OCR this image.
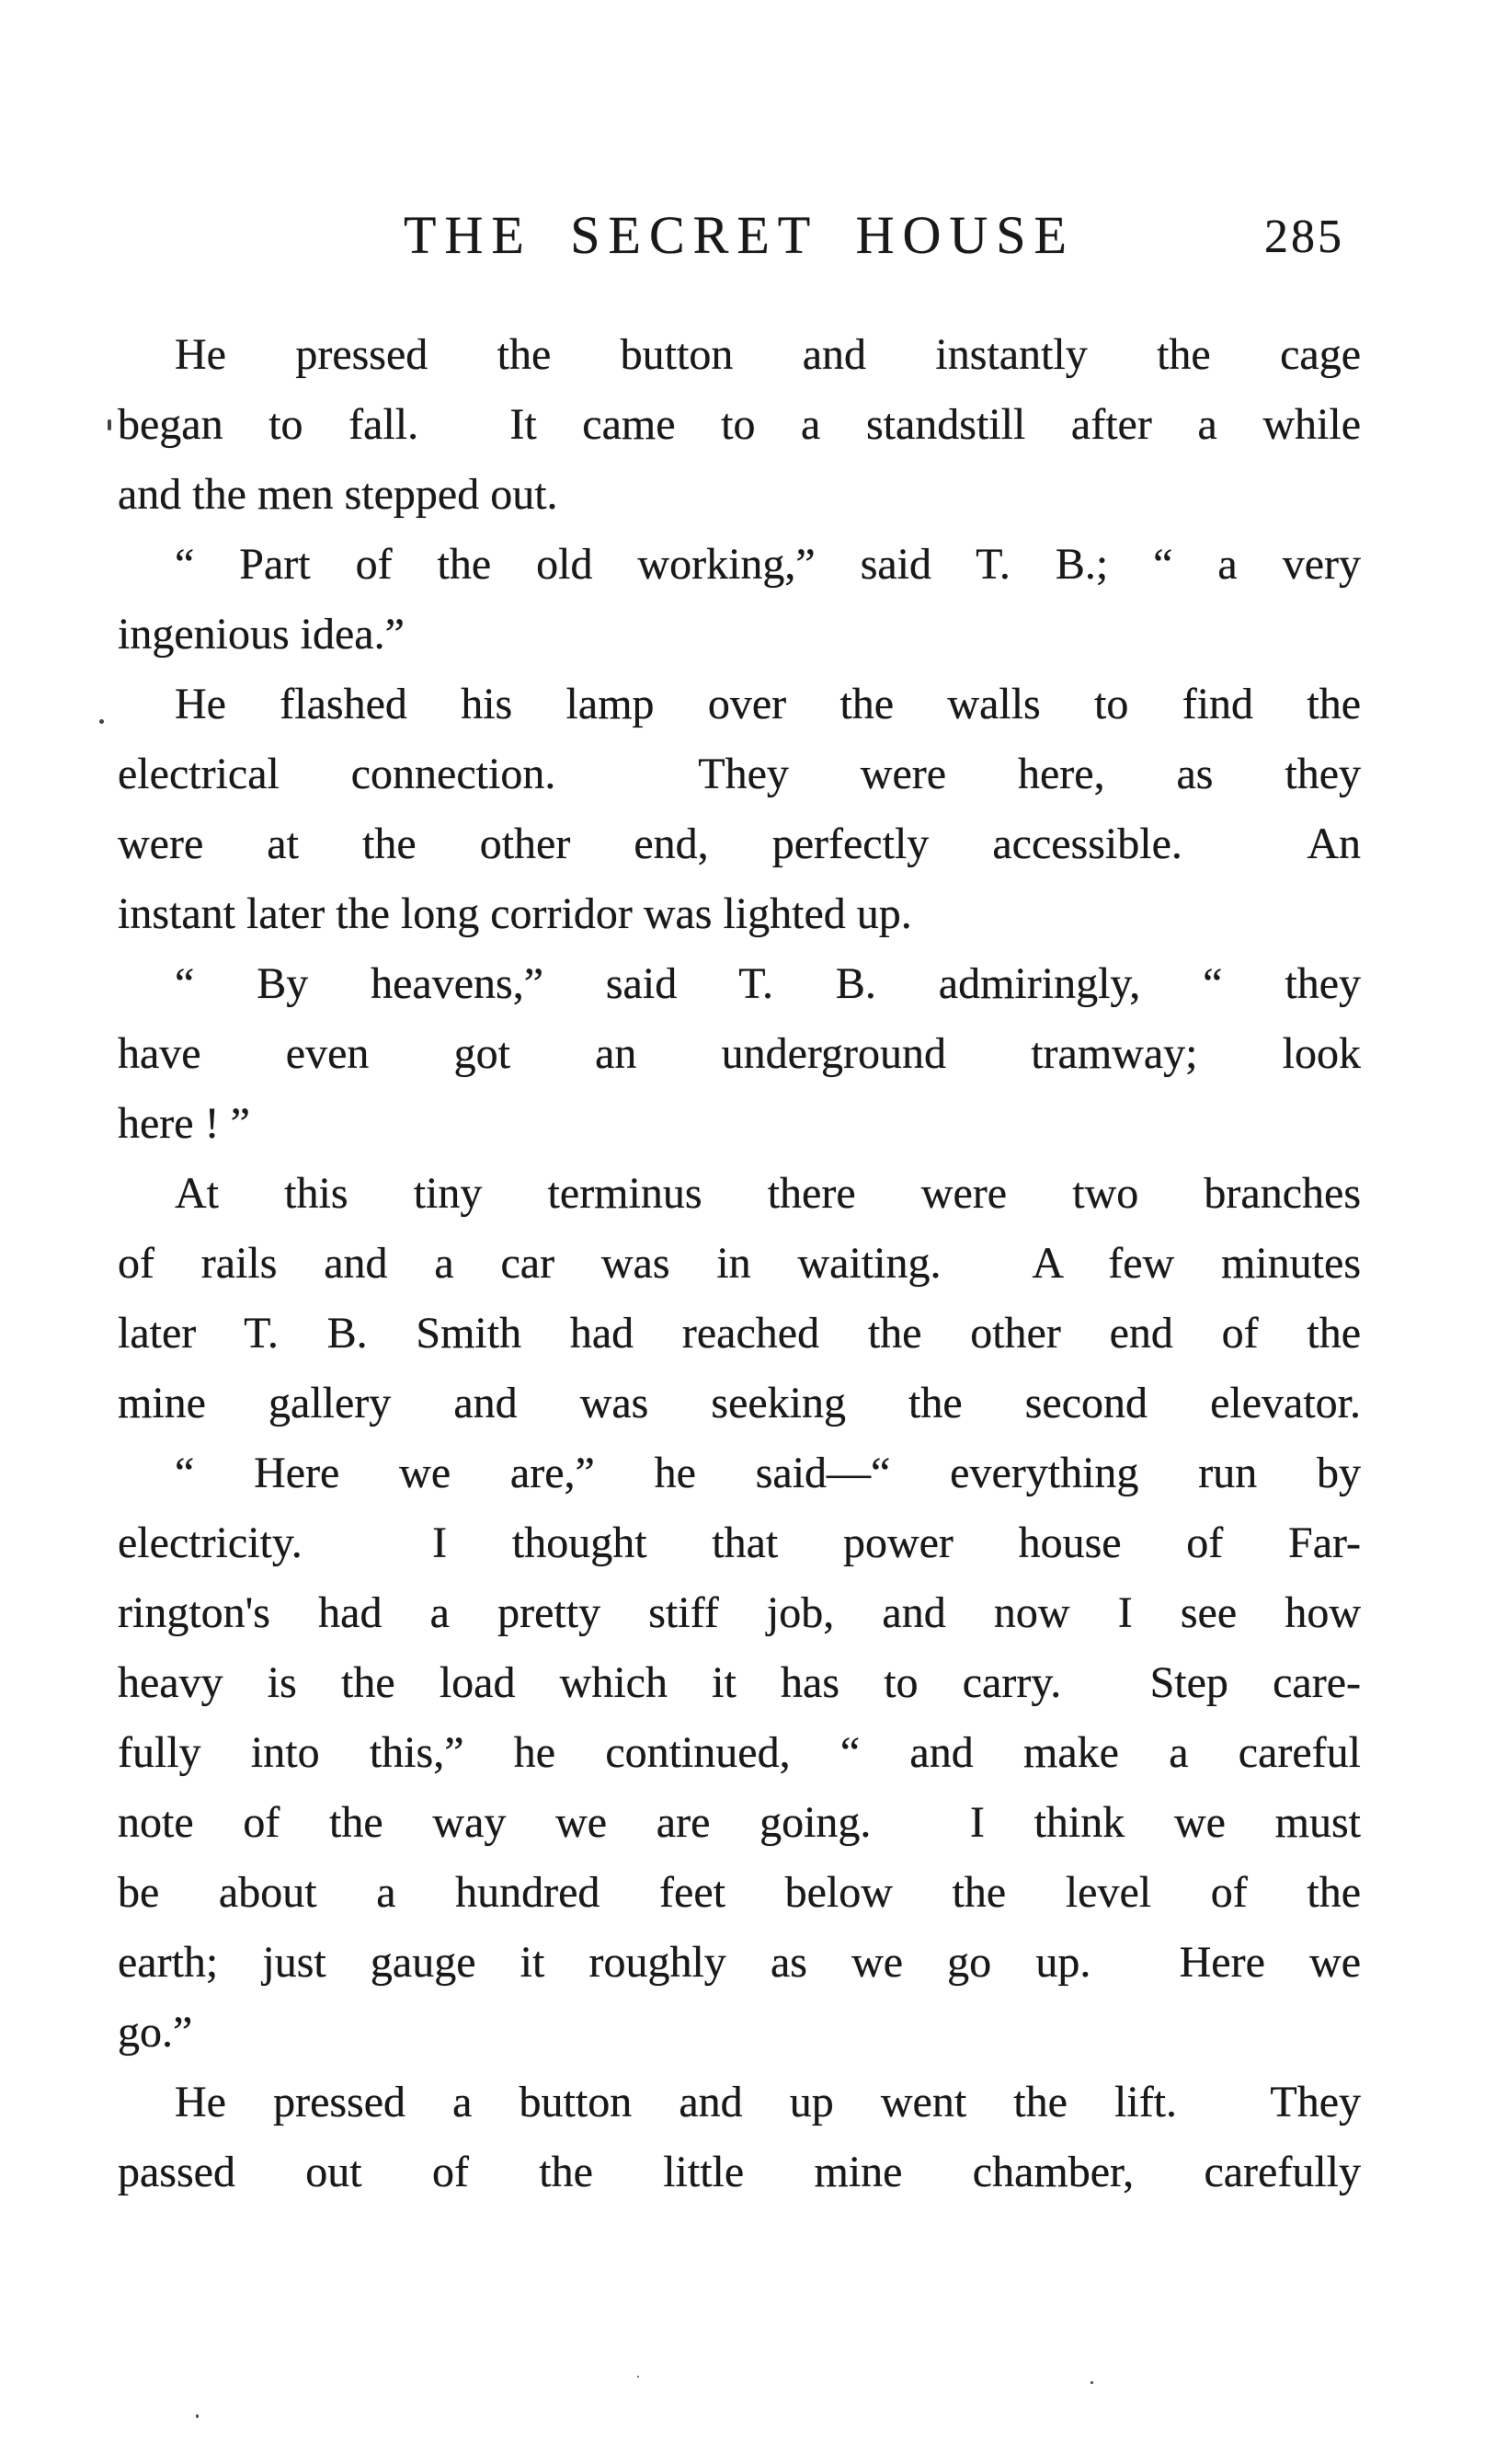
THE SECRET HOUSE	285
He pressed the button and instantly the cage
began to fall.  It came to a standstill after a while
and the men stepped out.
“ Part of the old working,” said T. B.; “ a very
ingenious idea.”
He flashed his lamp over the walls to find the
electrical connection.  They were here, as they
were at the other end, perfectly accessible.  An
instant later the long corridor was lighted up.
“ By heavens,” said T. B. admiringly, “ they
have even got an underground tramway; look
here ! ”
At this tiny terminus there were two branches
of rails and a car was in waiting.  A few minutes
later T. B. Smith had reached the other end of the
mine gallery and was seeking the second elevator.
“ Here we are,” he said—“ everything run by
electricity.  I thought that power house of Far-
rington's had a pretty stiff job, and now I see how
heavy is the load which it has to carry.  Step care-
fully into this,” he continued, “ and make a careful
note of the way we are going.  I think we must
be about a hundred feet below the level of the
earth; just gauge it roughly as we go up.  Here we
go.”
He pressed a button and up went the lift.  They
passed out of the little mine chamber, carefully
